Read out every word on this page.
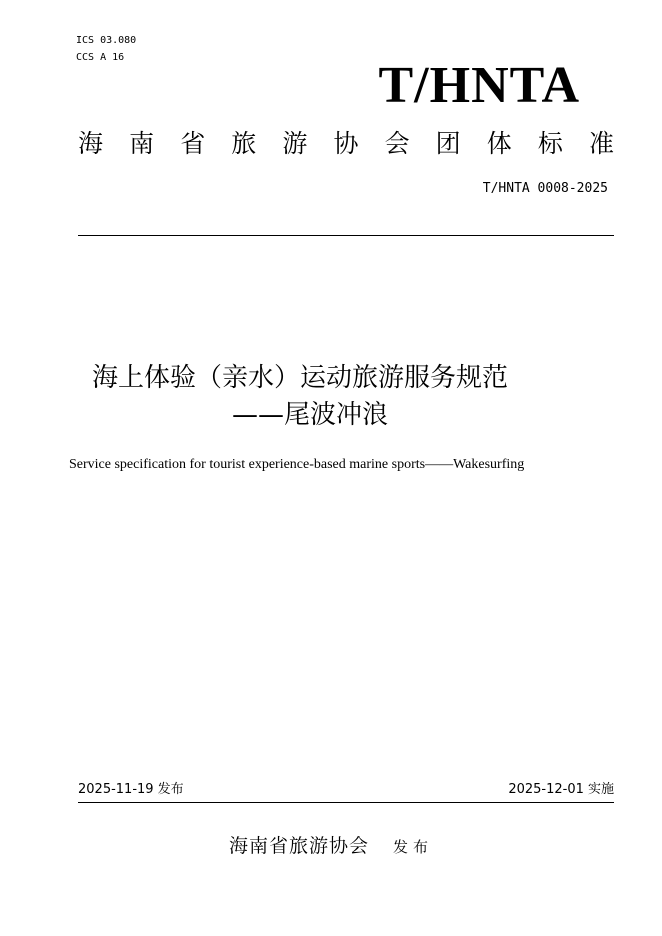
ICS 03.080
CCS A 16	T/HNTA
海 南 省 旅 游 协 会 团 体 标 准
T/HNTA 0008-2025
海上体验（亲水）运动旅游服务规范
——尾波冲浪
Service specification for tourist experience-based marine sports——Wakesurfing
2025-11-19 发布	2025-12-01 实施
海南省旅游协会 发布
